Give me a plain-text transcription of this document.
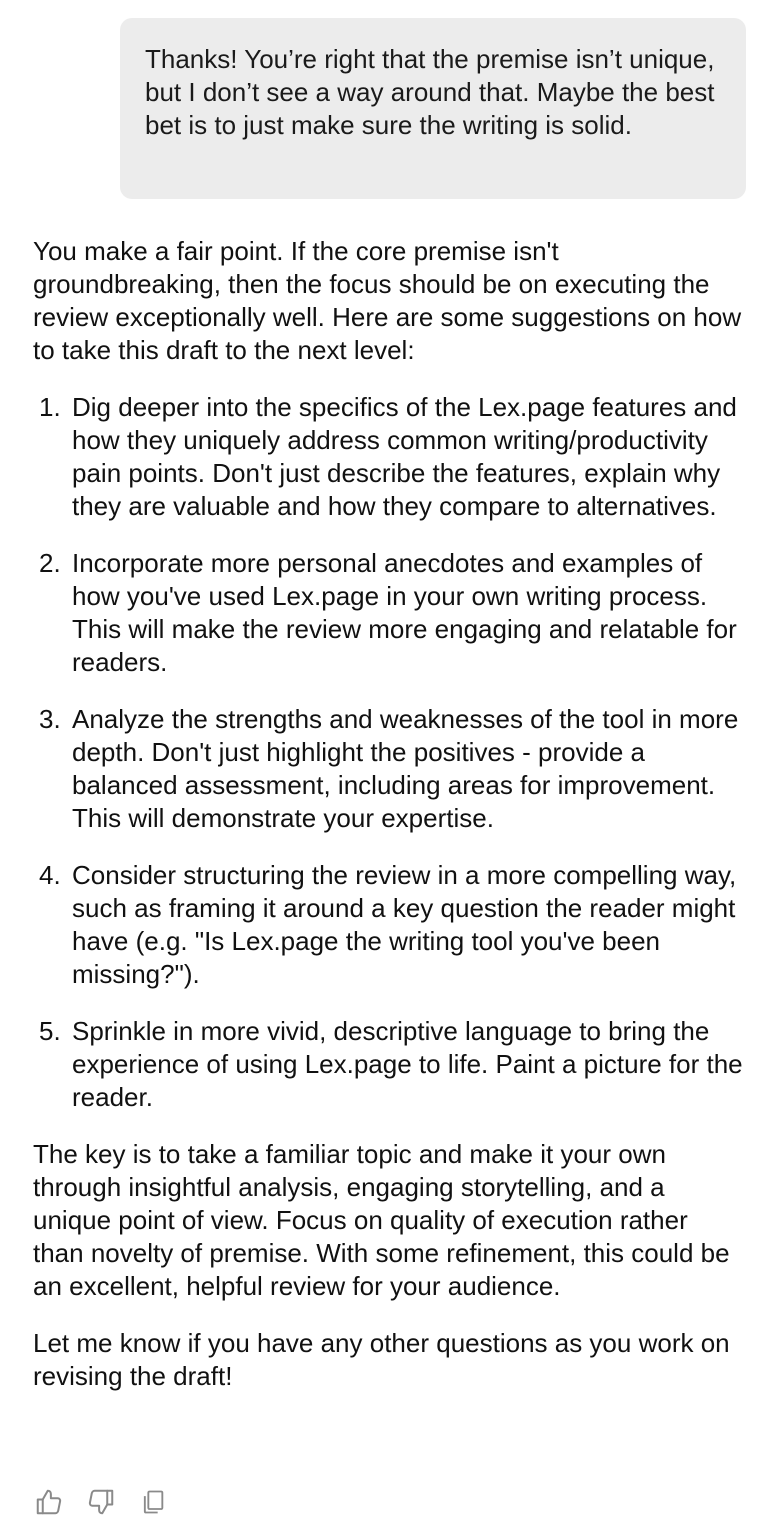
Thanks! You’re right that the premise isn’t unique, but I don’t see a way around that. Maybe the best bet is to just make sure the writing is solid.

You make a fair point. If the core premise isn't groundbreaking, then the focus should be on executing the review exceptionally well. Here are some suggestions on how to take this draft to the next level:

1. Dig deeper into the specifics of the Lex.page features and how they uniquely address common writing/productivity pain points. Don't just describe the features, explain why they are valuable and how they compare to alternatives.
2. Incorporate more personal anecdotes and examples of how you've used Lex.page in your own writing process. This will make the review more engaging and relatable for readers.
3. Analyze the strengths and weaknesses of the tool in more depth. Don't just highlight the positives - provide a balanced assessment, including areas for improvement. This will demonstrate your expertise.
4. Consider structuring the review in a more compelling way, such as framing it around a key question the reader might have (e.g. "Is Lex.page the writing tool you've been missing?").
5. Sprinkle in more vivid, descriptive language to bring the experience of using Lex.page to life. Paint a picture for the reader.

The key is to take a familiar topic and make it your own through insightful analysis, engaging storytelling, and a unique point of view. Focus on quality of execution rather than novelty of premise. With some refinement, this could be an excellent, helpful review for your audience.

Let me know if you have any other questions as you work on revising the draft!
